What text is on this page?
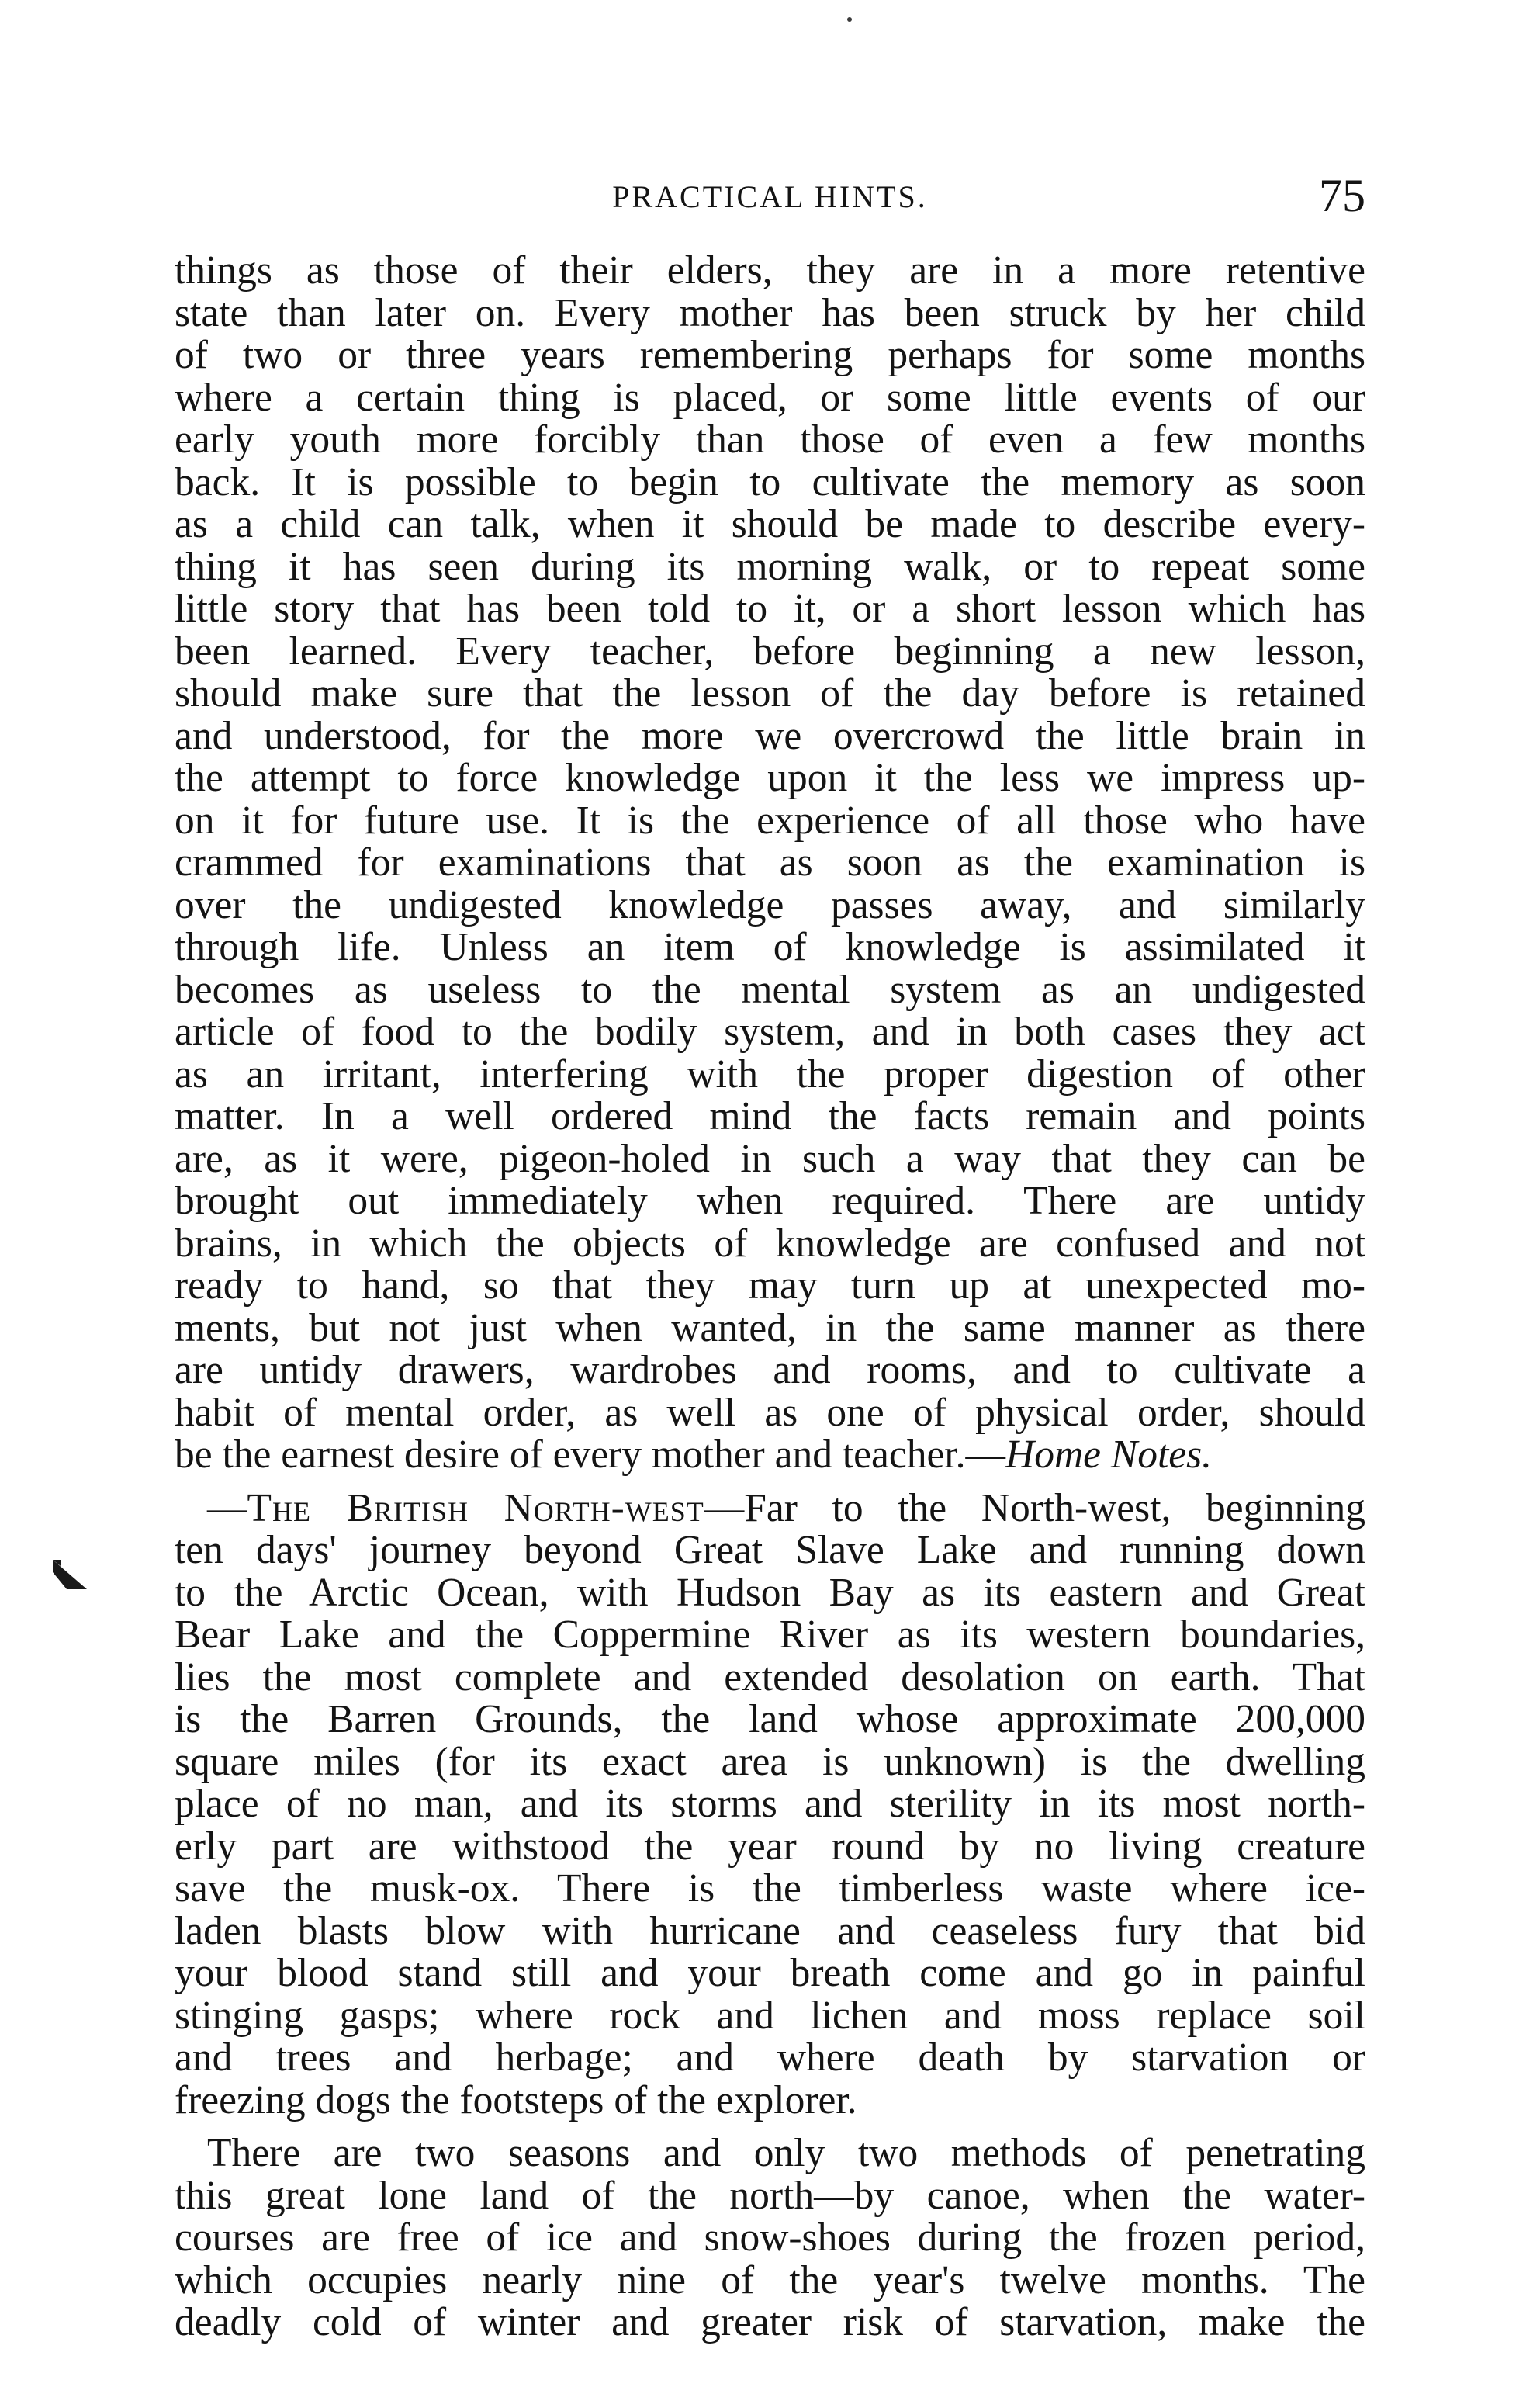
PRACTICAL HINTS.	75
things as those of their elders, they are in a more retentive
state than later on. Every mother has been struck by her child
of two or three years remembering perhaps for some months
where a certain thing is placed, or some little events of our
early youth more forcibly than those of even a few months
back. It is possible to begin to cultivate the memory as soon
as a child can talk, when it should be made to describe every-
thing it has seen during its morning walk, or to repeat some
little story that has been told to it, or a short lesson which has
been learned. Every teacher, before beginning a new lesson,
should make sure that the lesson of the day before is retained
and understood, for the more we overcrowd the little brain in
the attempt to force knowledge upon it the less we impress up-
on it for future use. It is the experience of all those who have
crammed for examinations that as soon as the examination is
over the undigested knowledge passes away, and similarly
through life. Unless an item of knowledge is assimilated it
becomes as useless to the mental system as an undigested
article of food to the bodily system, and in both cases they act
as an irritant, interfering with the proper digestion of other
matter. In a well ordered mind the facts remain and points
are, as it were, pigeon-holed in such a way that they can be
brought out immediately when required. There are untidy
brains, in which the objects of knowledge are confused and not
ready to hand, so that they may turn up at unexpected mo-
ments, but not just when wanted, in the same manner as there
are untidy drawers, wardrobes and rooms, and to cultivate a
habit of mental order, as well as one of physical order, should
be the earnest desire of every mother and teacher.—Home Notes.
—The British North-west—Far to the North-west, beginning
ten days' journey beyond Great Slave Lake and running down
to the Arctic Ocean, with Hudson Bay as its eastern and Great
Bear Lake and the Coppermine River as its western boundaries,
lies the most complete and extended desolation on earth. That
is the Barren Grounds, the land whose approximate 200,000
square miles (for its exact area is unknown) is the dwelling
place of no man, and its storms and sterility in its most north-
erly part are withstood the year round by no living creature
save the musk-ox. There is the timberless waste where ice-
laden blasts blow with hurricane and ceaseless fury that bid
your blood stand still and your breath come and go in painful
stinging gasps; where rock and lichen and moss replace soil
and trees and herbage; and where death by starvation or
freezing dogs the footsteps of the explorer.
There are two seasons and only two methods of penetrating
this great lone land of the north—by canoe, when the water-
courses are free of ice and snow-shoes during the frozen period,
which occupies nearly nine of the year's twelve months. The
deadly cold of winter and greater risk of starvation, make the
